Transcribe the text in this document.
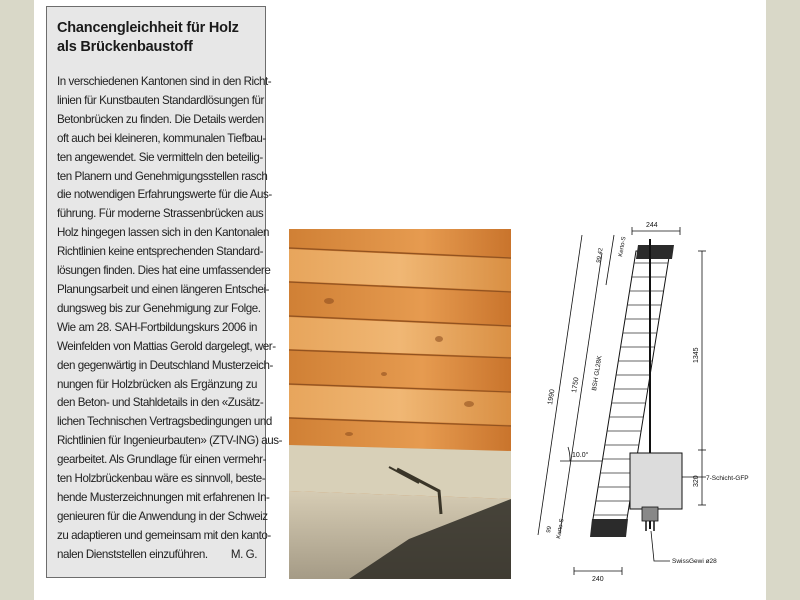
Chancengleichheit für Holz
als Brückenbaustoff

In verschiedenen Kantonen sind in den Richt-
linien für Kunstbauten Standardlösungen für
Betonbrücken zu finden. Die Details werden
oft auch bei kleineren, kommunalen Tiefbau-
ten angewendet. Sie vermitteln den beteilig-
ten Planern und Genehmigungsstellen rasch
die notwendigen Erfahrungswerte für die Aus-
führung. Für moderne Strassenbrücken aus
Holz hingegen lassen sich in den Kantonalen
Richtlinien keine entsprechenden Standard-
lösungen finden. Dies hat eine umfassendere
Planungsarbeit und einen längeren Entschei-
dungsweg bis zur Genehmigung zur Folge.
Wie am 28. SAH-Fortbildungskurs 2006 in
Weinfelden von Mattias Gerold dargelegt, wer-
den gegenwärtig in Deutschland Musterzeich-
nungen für Holzbrücken als Ergänzung zu
den Beton- und Stahldetails in den «Zusätz-
lichen Technischen Vertragsbedingungen und
Richtlinien für Ingenieurbauten» (ZTV-ING) aus-
gearbeitet. Als Grundlage für einen vermehr-
ten Holzbrückenbau wäre es sinnvoll, beste-
hende Musterzeichnungen mit erfahrenen In-
genieuren für die Anwendung in der Schweiz
zu adaptieren und gemeinsam mit den kanto-
nalen Dienststellen einzuführen. M. G.

244
99 42 Kerto-S
1990
1750 BSH GL28K
1345
10.0°
320 7-Schicht-GFP
99 Kerto-S
SwissGewi ø28
240
